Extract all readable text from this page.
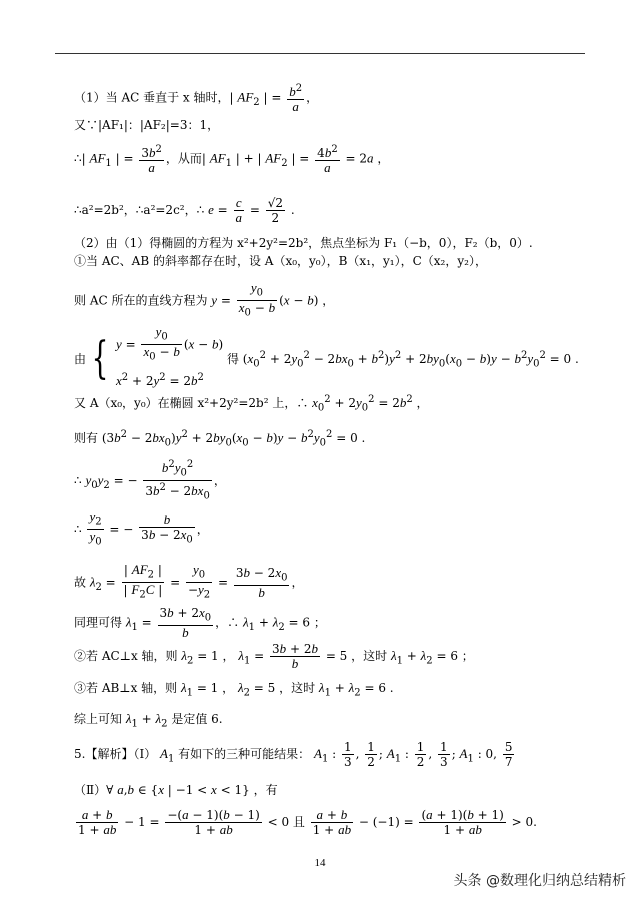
（1）当 AC 垂直于 x 轴时，| $AF_2$ | = $\frac{b^2}{a}$ ，
又∵|AF₁|：|AF₂|=3：1，
∴| $AF_1$ | = $\frac{3b^2}{a}$ ，从而| $AF_1$ | + | $AF_2$ | = $\frac{4b^2}{a} = 2a$ ，
∴a²=2b²，∴a²=2c²，∴ $e = \frac{c}{a} = \frac{√2}{2}$ .
（2）由（1）得椭圆的方程为 x²+2y²=2b²，焦点坐标为 F₁（−b，0），F₂（b，0）.
①当 AC、AB 的斜率都存在时，设 A（x₀，y₀），B（x₁，y₁），C（x₂，y₂），
则 AC 所在的直线方程为 $y = \frac{y_0}{x_0 - b} (x - b)$ ，
由 { $y = \frac{y_0}{x_0 - b} (x - b)$
$x^2 + 2y^2 = 2b^2$
得 $(x_0^2 + 2y_0^2 - 2bx_0 + b^2)y^2 + 2by_0(x_0 - b)y - b^2y_0^2 = 0$ .
又 A（x₀，y₀）在椭圆 x²+2y²=2b² 上，∴ $x_0^2 + 2y_0^2 = 2b^2$ ，
则有 $(3b^2 - 2bx_0)y^2 + 2by_0(x_0 - b)y - b^2y_0^2 = 0$ .
∴ $y_0y_2$ = − $\frac{b^2y_0^2}{3b^2 - 2bx_0}$ ，
∴ $\frac{y_2}{y_0}$ = − $\frac{b}{3b - 2x_0}$ ，
故 $\lambda_2 = \frac{| AF_2 |}{| F_2C |} = \frac{y_0}{-y_2} = \frac{3b - 2x_0}{b}$ ，
同理可得 $\lambda_1 = \frac{3b + 2x_0}{b}$ ，∴ $\lambda_1 + \lambda_2 = 6$ ；
②若 AC⊥x 轴，则 $\lambda_2 = 1$ ， $\lambda_1 = \frac{3b + 2b}{b} = 5$ ，这时 $\lambda_1 + \lambda_2 = 6$ ；
③若 AB⊥x 轴，则 $\lambda_1 = 1$ ， $\lambda_2 = 5$ ，这时 $\lambda_1 + \lambda_2 = 6$ .
综上可知 $\lambda_1 + \lambda_2$ 是定值 6.
5.【解析】（Ⅰ） $A_1$ 有如下的三种可能结果： $A_1$ : $\frac{1}{3}$ , $\frac{1}{2}$ ; $A_1$ : $\frac{1}{2}$ , $\frac{1}{3}$ ; $A_1$ : 0, $\frac{5}{7}$
（Ⅱ）∀ a,b ∈ {x | −1 < x < 1} ，有
$\frac{a + b}{1 + ab} - 1 = \frac{-(a - 1)(b - 1)}{1 + ab} < 0$ 且 $\frac{a + b}{1 + ab} - (-1) = \frac{(a + 1)(b + 1)}{1 + ab} > 0$.
14
头条 @数理化归纳总结精析
